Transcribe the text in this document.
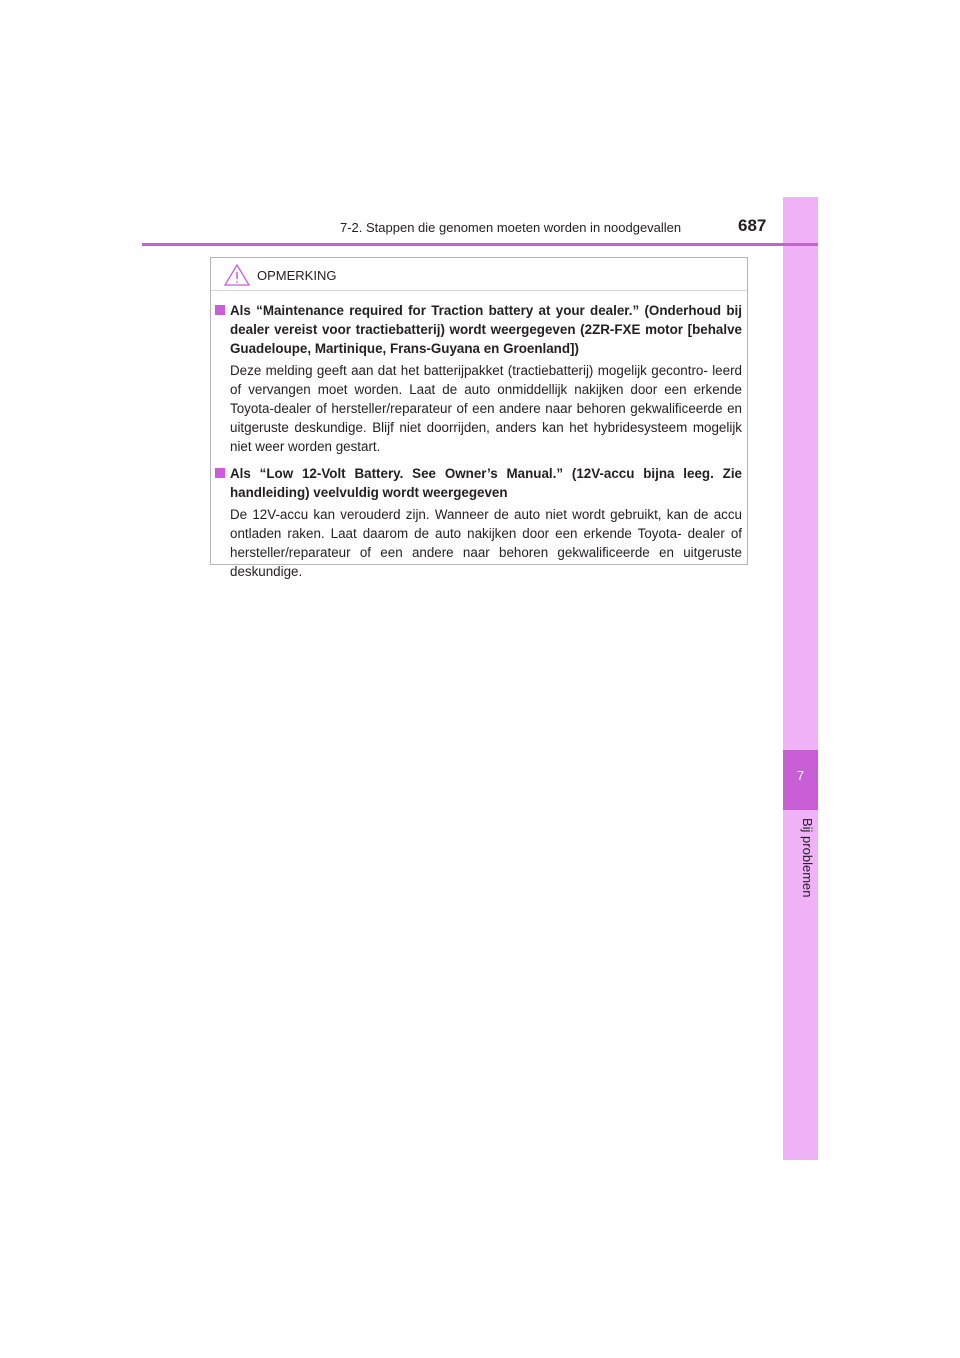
7
Bij problemen
7-2. Stappen die genomen moeten worden in noodgevallen	687
OPMERKING
Als “Maintenance required for Traction battery at your dealer.” (Onderhoud bij dealer vereist voor tractiebatterij) wordt weergegeven (2ZR-FXE motor [behalve Guadeloupe, Martinique, Frans-Guyana en Groenland])
Deze melding geeft aan dat het batterijpakket (tractiebatterij) mogelijk gecontro- leerd of vervangen moet worden. Laat de auto onmiddellijk nakijken door een erkende Toyota-dealer of hersteller/reparateur of een andere naar behoren gekwalificeerde en uitgeruste deskundige. Blijf niet doorrijden, anders kan het hybridesysteem mogelijk niet weer worden gestart.
Als “Low 12-Volt Battery. See Owner’s Manual.” (12V-accu bijna leeg. Zie handleiding) veelvuldig wordt weergegeven
De 12V-accu kan verouderd zijn. Wanneer de auto niet wordt gebruikt, kan de accu ontladen raken. Laat daarom de auto nakijken door een erkende Toyota- dealer of hersteller/reparateur of een andere naar behoren gekwalificeerde en uitgeruste deskundige.
